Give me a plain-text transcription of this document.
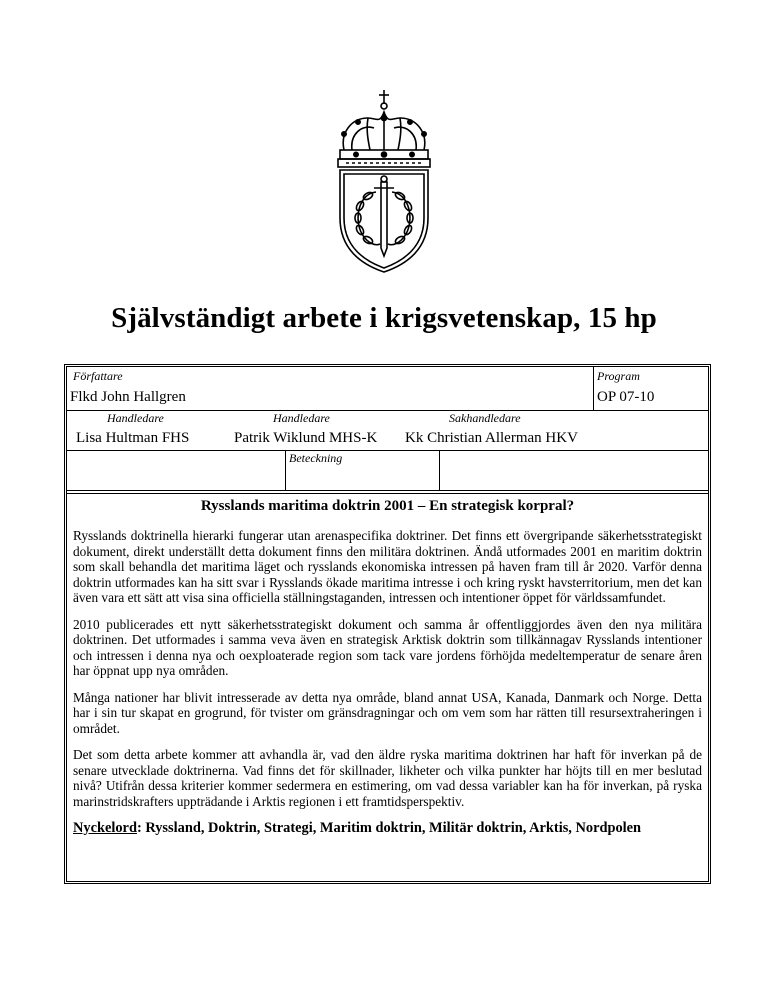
Självständigt arbete i krigsvetenskap, 15 hp
Författare
Flkd John Hallgren
Program
OP 07-10
Handledare
Lisa Hultman FHS
Handledare
Patrik Wiklund MHS-K
Sakhandledare
Kk Christian Allerman HKV
Beteckning

Rysslands maritima doktrin 2001 – En strategisk korpral?

Rysslands doktrinella hierarki fungerar utan arenaspecifika doktriner. Det finns ett övergripande säkerhetsstrategiskt dokument, direkt underställt detta dokument finns den militära doktrinen. Ändå utformades 2001 en maritim doktrin som skall behandla det maritima läget och rysslands ekonomiska intressen på haven fram till år 2020. Varför denna doktrin utformades kan ha sitt svar i Rysslands ökade maritima intresse i och kring ryskt havsterritorium, men det kan även vara ett sätt att visa sina officiella ställningstaganden, intressen och intentioner öppet för världssamfundet.

2010 publicerades ett nytt säkerhetsstrategiskt dokument och samma år offentliggjordes även den nya militära doktrinen. Det utformades i samma veva även en strategisk Arktisk doktrin som tillkännagav Rysslands intentioner och intressen i denna nya och oexploaterade region som tack vare jordens förhöjda medeltemperatur de senare åren har öppnat upp nya områden.

Många nationer har blivit intresserade av detta nya område, bland annat USA, Kanada, Danmark och Norge. Detta har i sin tur skapat en grogrund, för tvister om gränsdragningar och om vem som har rätten till resursextraheringen i området.

Det som detta arbete kommer att avhandla är, vad den äldre ryska maritima doktrinen har haft för inverkan på de senare utvecklade doktrinerna. Vad finns det för skillnader, likheter och vilka punkter har höjts till en mer beslutad nivå? Utifrån dessa kriterier kommer sedermera en estimering, om vad dessa variabler kan ha för inverkan, på ryska marinstridskrafters uppträdande i Arktis regionen i ett framtidsperspektiv.

Nyckelord: Ryssland, Doktrin, Strategi, Maritim doktrin, Militär doktrin, Arktis, Nordpolen
